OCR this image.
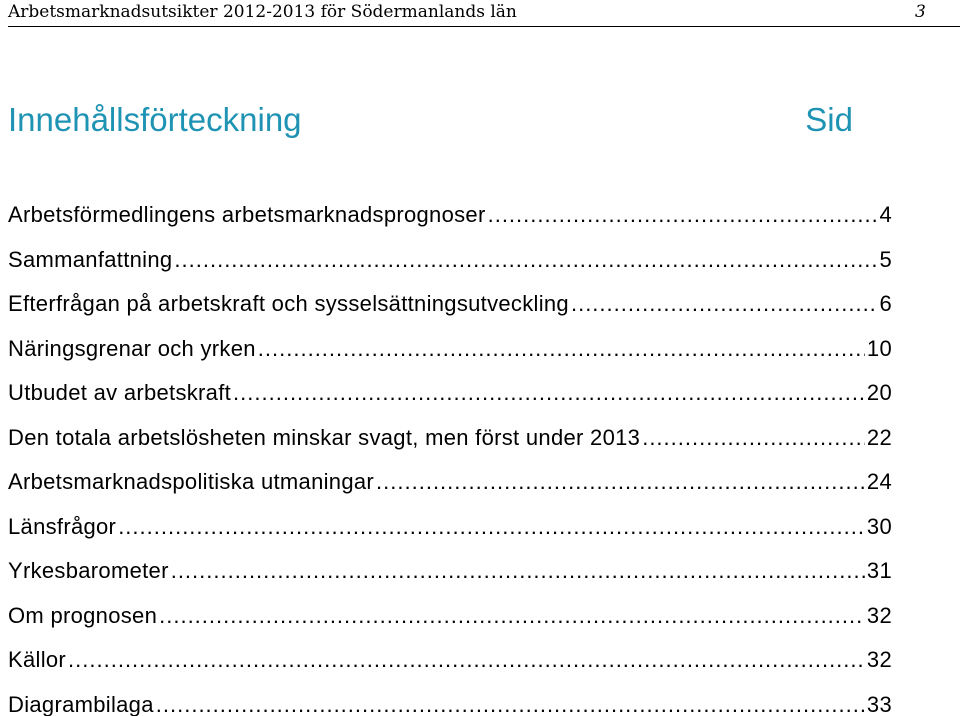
Arbetsmarknadsutsikter 2012-2013 för Södermanlands län	3
Innehållsförteckning	Sid
Arbetsförmedlingens arbetsmarknadsprognoser .....	4
Sammanfattning .....	5
Efterfrågan på arbetskraft och sysselsättningsutveckling .....	6
Näringsgrenar och yrken .....	10
Utbudet av arbetskraft .....	20
Den totala arbetslösheten minskar svagt, men först under 2013 .....	22
Arbetsmarknadspolitiska utmaningar .....	24
Länsfrågor .....	30
Yrkesbarometer .....	31
Om prognosen .....	32
Källor .....	32
Diagrambilaga .....	33
